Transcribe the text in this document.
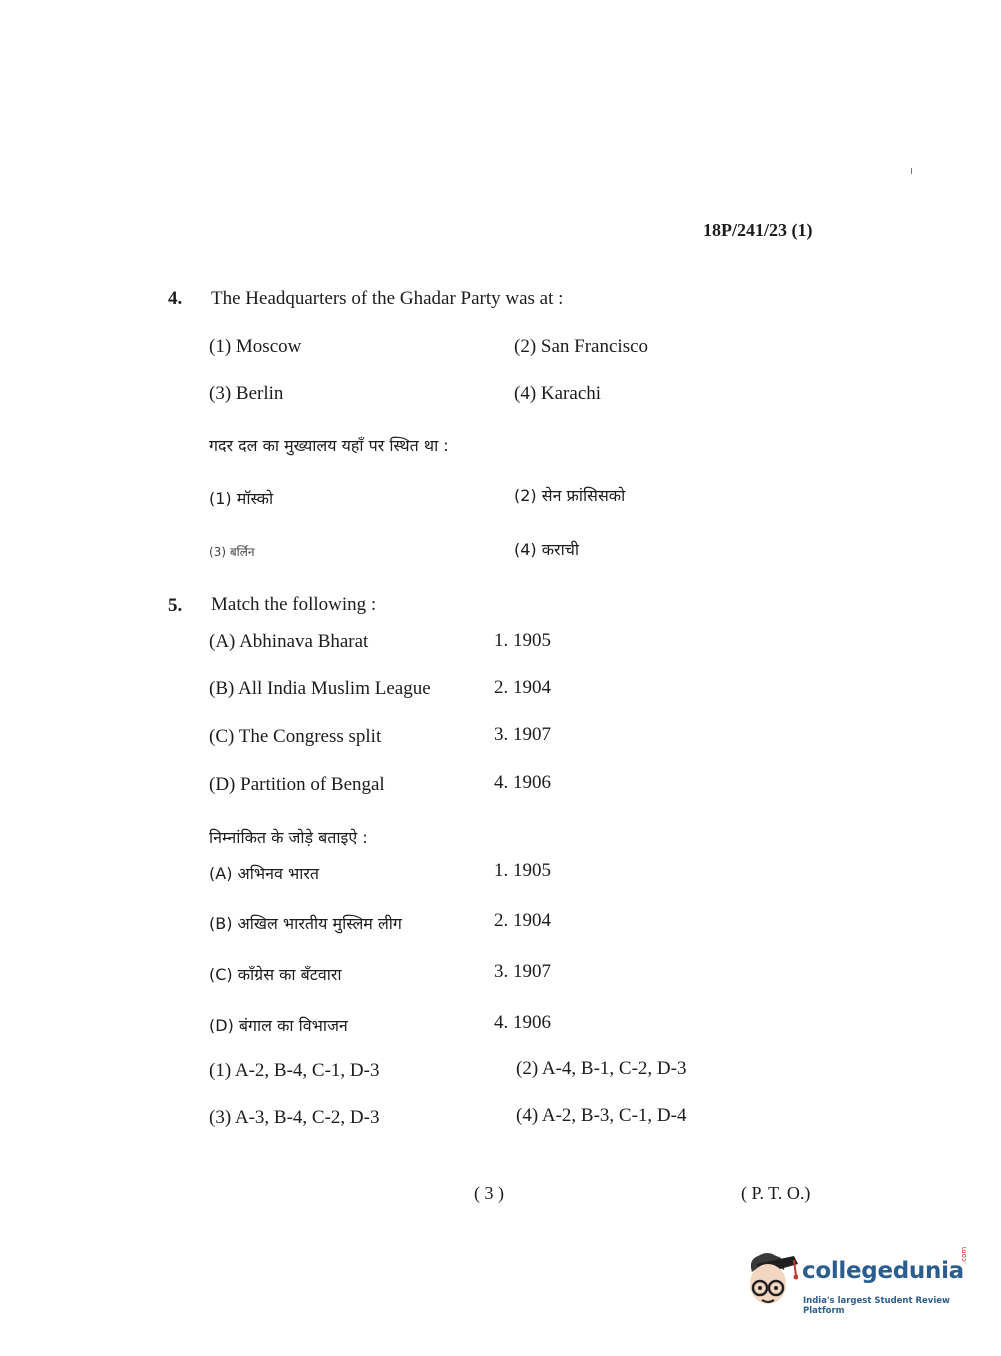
18P/241/23 (1)
4. The Headquarters of the Ghadar Party was at :
(1) Moscow	(2) San Francisco
(3) Berlin	(4) Karachi
गदर दल का मुख्यालय यहाँ पर स्थित था :
(1) मॉस्को	(2) सेन फ्रांसिसको
(3) बर्लिन	(4) कराची
5. Match the following :
(A) Abhinava Bharat	1. 1905
(B) All India Muslim League	2. 1904
(C) The Congress split	3. 1907
(D) Partition of Bengal	4. 1906
निम्नांकित के जोड़े बताइऐ :
(A) अभिनव भारत	1. 1905
(B) अखिल भारतीय मुस्लिम लीग	2. 1904
(C) कॉंग्रेस का बँटवारा	3. 1907
(D) बंगाल का विभाजन	4. 1906
(1) A-2, B-4, C-1, D-3	(2) A-4, B-1, C-2, D-3
(3) A-3, B-4, C-2, D-3	(4) A-2, B-3, C-1, D-4
( 3 )	( P. T. O.)
collegedunia
.com
India's largest Student Review Platform
